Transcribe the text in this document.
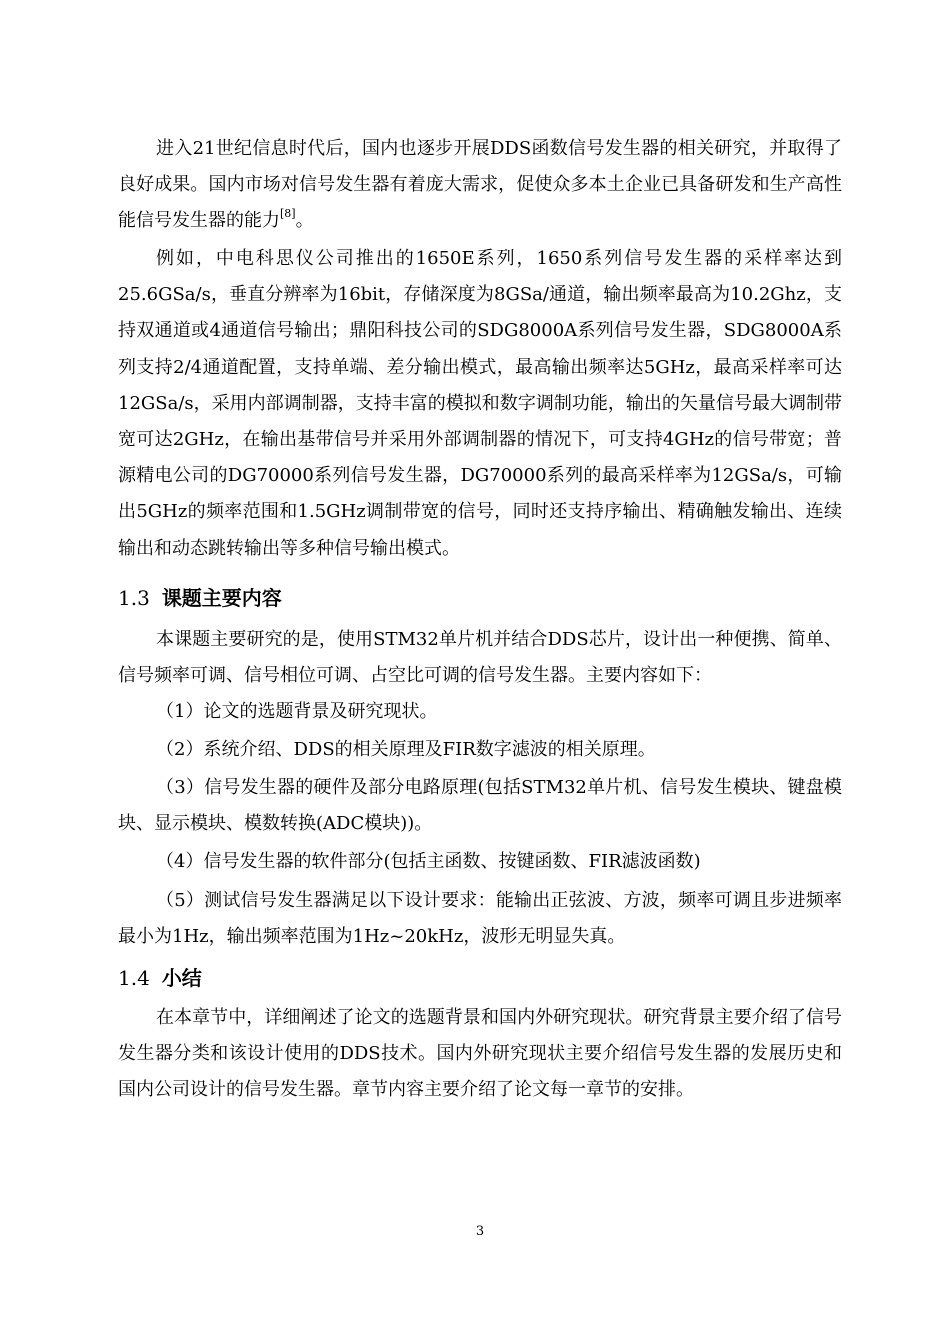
进入21世纪信息时代后，国内也逐步开展DDS函数信号发生器的相关研究，并取得了良好成果。国内市场对信号发生器有着庞大需求，促使众多本土企业已具备研发和生产高性能信号发生器的能力[8]。

例如，中电科思仪公司推出的1650E系列，1650系列信号发生器的采样率达到25.6GSa/s，垂直分辨率为16bit，存储深度为8GSa/通道，输出频率最高为10.2Ghz，支持双通道或4通道信号输出；鼎阳科技公司的SDG8000A系列信号发生器，SDG8000A系列支持2/4通道配置，支持单端、差分输出模式，最高输出频率达5GHz，最高采样率可达12GSa/s，采用内部调制器，支持丰富的模拟和数字调制功能，输出的矢量信号最大调制带宽可达2GHz，在输出基带信号并采用外部调制器的情况下，可支持4GHz的信号带宽；普源精电公司的DG70000系列信号发生器，DG70000系列的最高采样率为12GSa/s，可输出5GHz的频率范围和1.5GHz调制带宽的信号，同时还支持序输出、精确触发输出、连续输出和动态跳转输出等多种信号输出模式。

1.3 课题主要内容

本课题主要研究的是，使用STM32单片机并结合DDS芯片，设计出一种便携、简单、信号频率可调、信号相位可调、占空比可调的信号发生器。主要内容如下：

（1）论文的选题背景及研究现状。

（2）系统介绍、DDS的相关原理及FIR数字滤波的相关原理。

（3）信号发生器的硬件及部分电路原理(包括STM32单片机、信号发生模块、键盘模块、显示模块、模数转换(ADC模块))。

（4）信号发生器的软件部分(包括主函数、按键函数、FIR滤波函数)

（5）测试信号发生器满足以下设计要求：能输出正弦波、方波，频率可调且步进频率最小为1Hz，输出频率范围为1Hz~20kHz，波形无明显失真。

1.4 小结

在本章节中，详细阐述了论文的选题背景和国内外研究现状。研究背景主要介绍了信号发生器分类和该设计使用的DDS技术。国内外研究现状主要介绍信号发生器的发展历史和国内公司设计的信号发生器。章节内容主要介绍了论文每一章节的安排。

3
